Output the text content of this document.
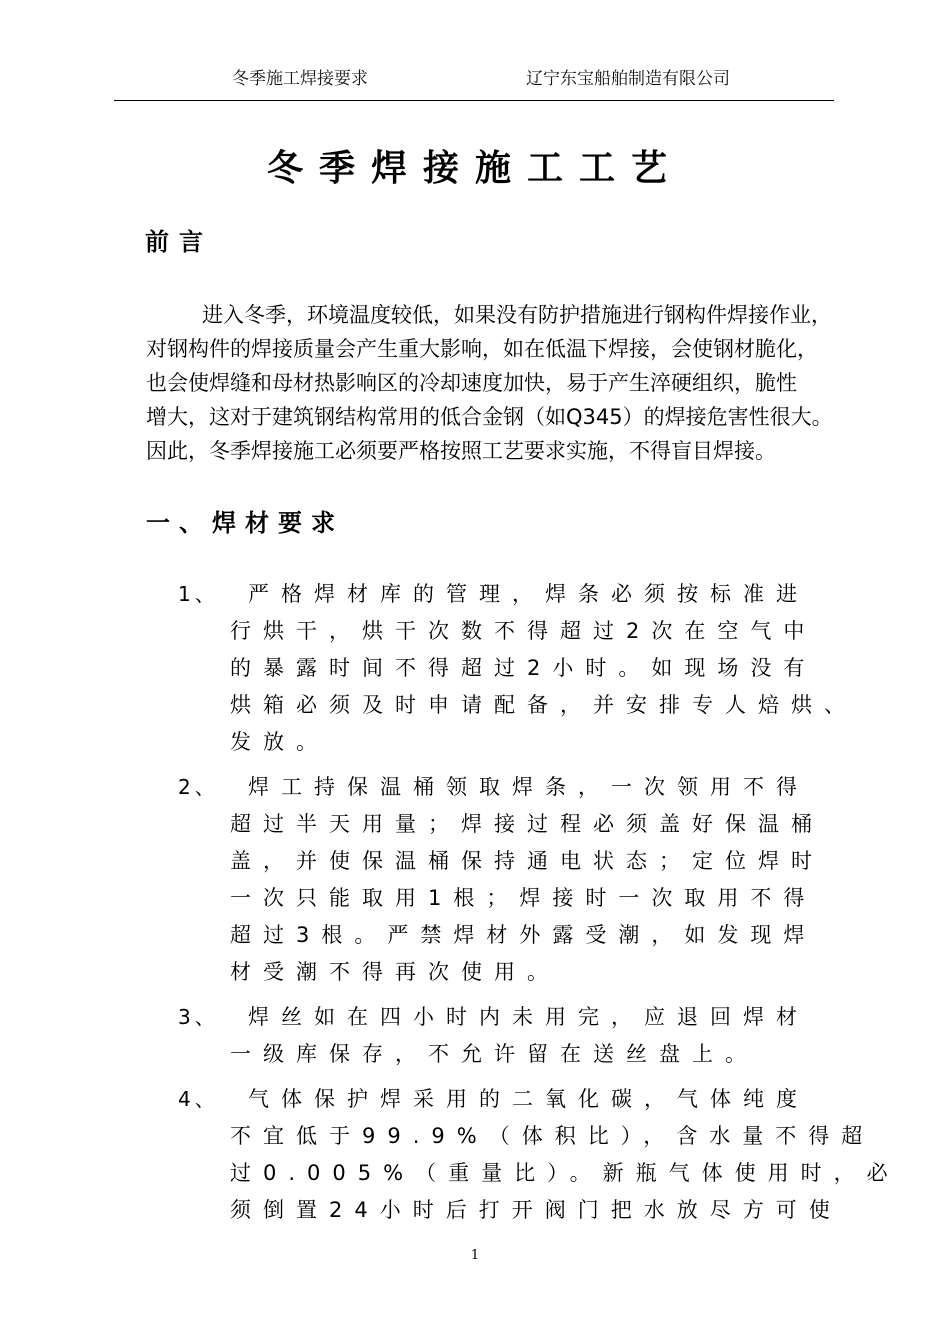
冬季施工焊接要求	辽宁东宝船舶制造有限公司
冬季焊接施工工艺
前言

进入冬季，环境温度较低，如果没有防护措施进行钢构件焊接作业，
对钢构件的焊接质量会产生重大影响，如在低温下焊接，会使钢材脆化，
也会使焊缝和母材热影响区的冷却速度加快，易于产生淬硬组织，脆性
增大，这对于建筑钢结构常用的低合金钢（如Q345）的焊接危害性很大。
因此，冬季焊接施工必须要严格按照工艺要求实施，不得盲目焊接。

一、焊材要求
1、	严格焊材库的管理，焊条必须按标准进
行烘干，烘干次数不得超过2次在空气中
的暴露时间不得超过2小时。如现场没有
烘箱必须及时申请配备，并安排专人焙烘、
发放。
2、	焊工持保温桶领取焊条，一次领用不得
超过半天用量；焊接过程必须盖好保温桶
盖，并使保温桶保持通电状态；定位焊时
一次只能取用1根；焊接时一次取用不得
超过3根。严禁焊材外露受潮，如发现焊
材受潮不得再次使用。
3、	焊丝如在四小时内未用完，应退回焊材
一级库保存，不允许留在送丝盘上。
4、	气体保护焊采用的二氧化碳，气体纯度
不宜低于99.9%（体积比），含水量不得超
过0.005%（重量比）。新瓶气体使用时，必
须倒置24小时后打开阀门把水放尽方可使
1
